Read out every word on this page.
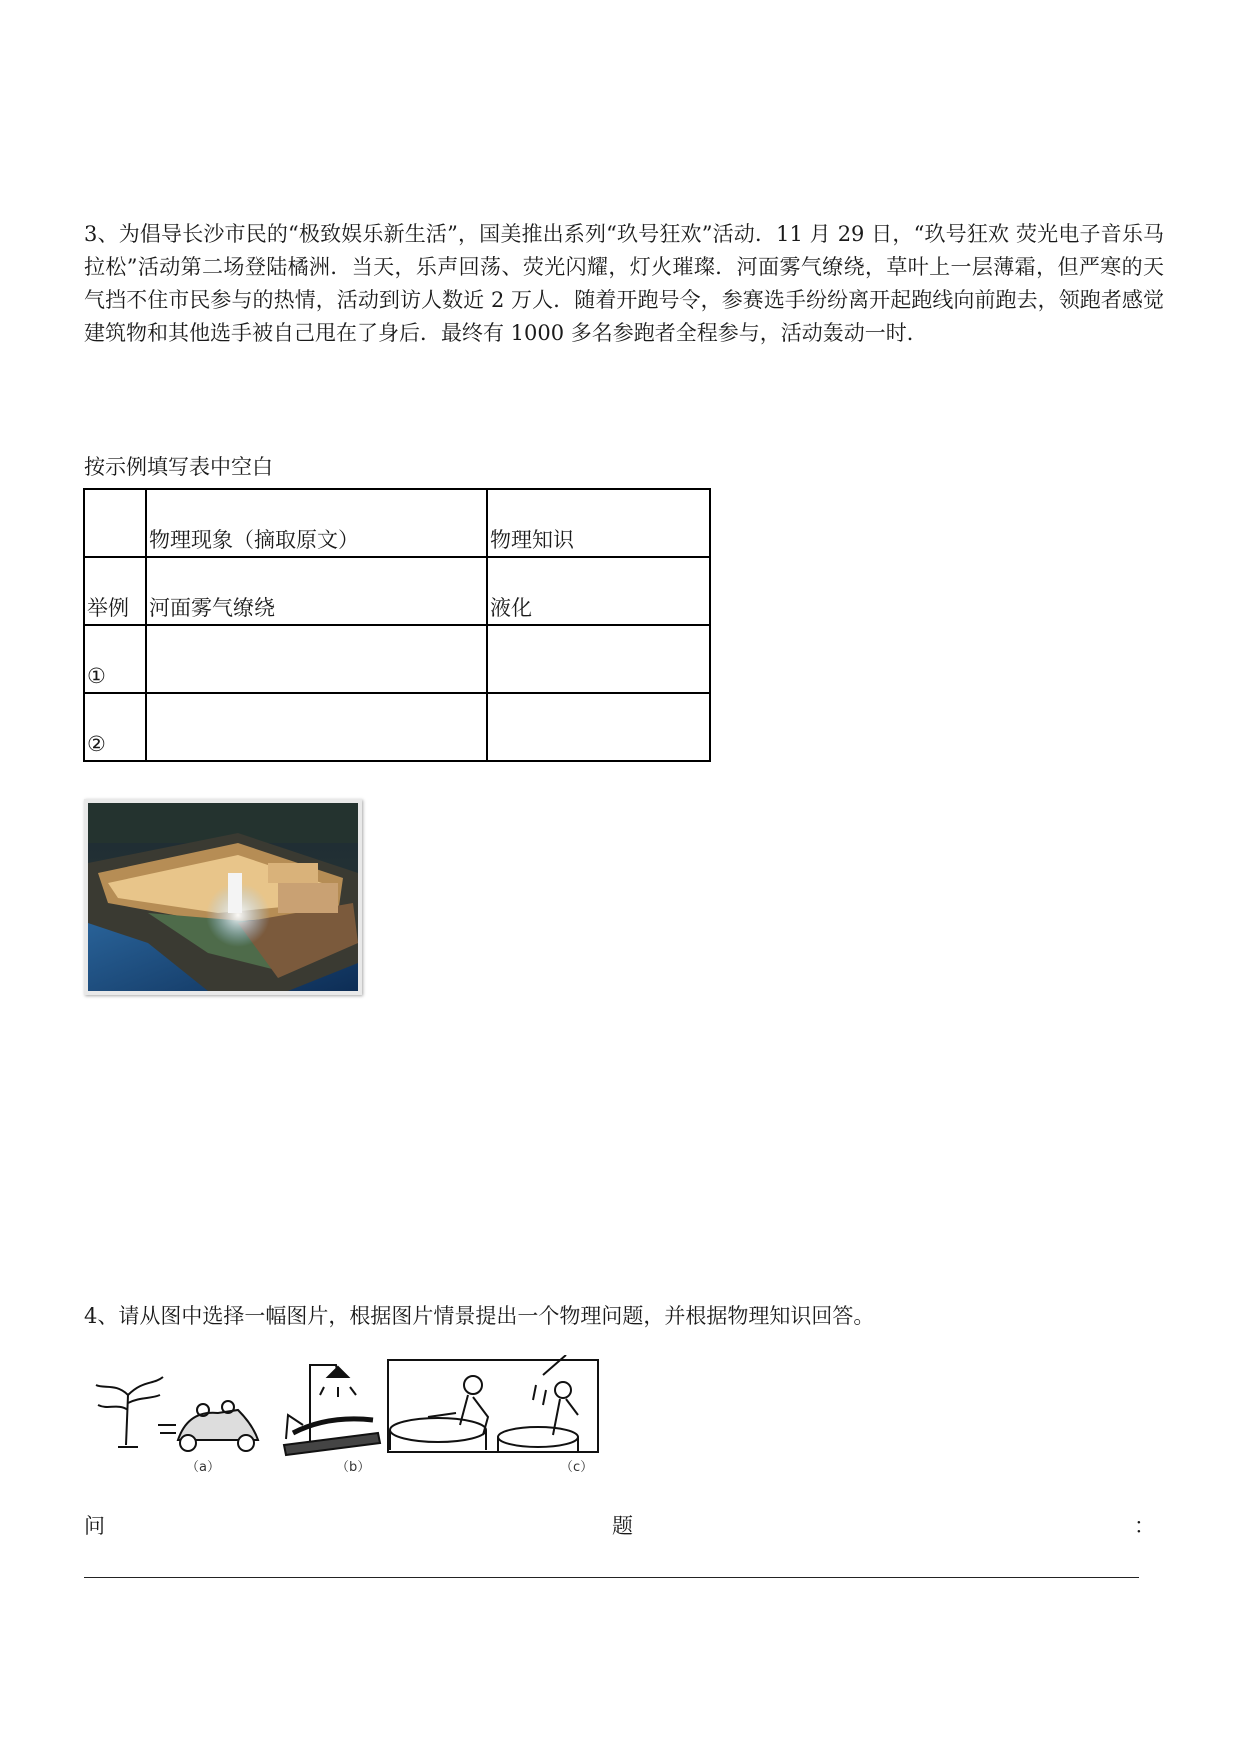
3、为倡导长沙市民的“极致娱乐新生活”，国美推出系列“玖号狂欢”活动．11 月 29 日，“玖号狂欢 荧光电子音乐马拉松”活动第二场登陆橘洲．当天，乐声回荡、荧光闪耀，灯火璀璨．河面雾气缭绕，草叶上一层薄霜，但严寒的天气挡不住市民参与的热情，活动到访人数近 2 万人．随着开跑号令，参赛选手纷纷离开起跑线向前跑去，领跑者感觉建筑物和其他选手被自己甩在了身后．最终有 1000 多名参跑者全程参与，活动轰动一时．

按示例填写表中空白
	物理现象（摘取原文）	物理知识
举例	河面雾气缭绕	液化
①		
②		
4、请从图中选择一幅图片，根据图片情景提出一个物理问题，并根据物理知识回答。
（a）	（b）	（c）
问	题	：
